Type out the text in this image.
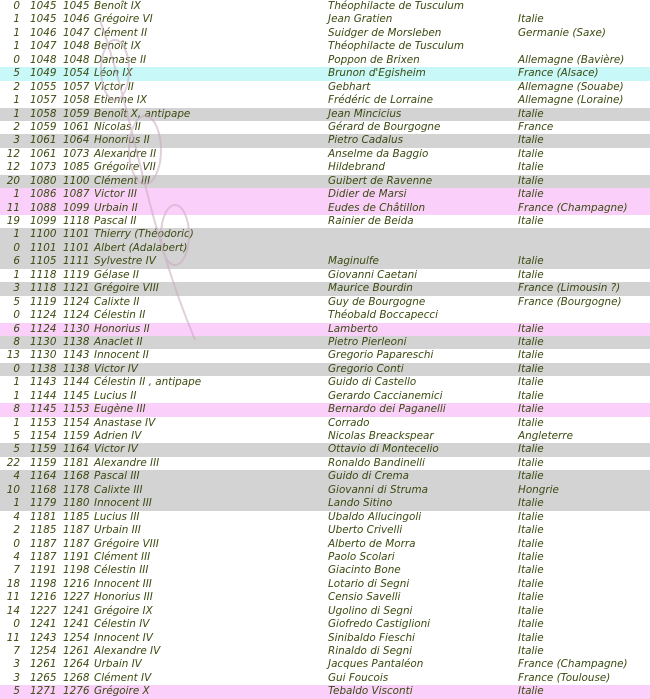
0 1045 1045 Benoît IX	Théophilacte de Tusculum
1 1045 1046 Grégoire VI	Jean Gratien	Italie
1 1046 1047 Clément II	Suidger de Morsleben	Germanie (Saxe)
1 1047 1048 Benoît IX	Théophilacte de Tusculum
0 1048 1048 Damase II	Poppon de Brixen	Allemagne (Bavière)
5 1049 1054 Léon IX	Brunon d'Egisheim	France (Alsace)
2 1055 1057 Victor II	Gebhart	Allemagne (Souabe)
1 1057 1058 Etienne IX	Frédéric de Lorraine	Allemagne (Loraine)
1 1058 1059 Benoît X, antipape	Jean Mincicius	Italie
2 1059 1061 Nicolas II	Gérard de Bourgogne	France
3 1061 1064 Honorius II	Pietro Cadalus	Italie
12 1061 1073 Alexandre II	Anselme da Baggio	Italie
12 1073 1085 Grégoire VII	Hildebrand	Italie
20 1080 1100 Clément III	Guibert de Ravenne	Italie
1 1086 1087 Victor III	Didier de Marsi	Italie
11 1088 1099 Urbain II	Eudes de Châtillon	France (Champagne)
19 1099 1118 Pascal II	Rainier de Beida	Italie
1 1100 1101 Thierry (Théodoric)
0 1101 1101 Albert (Adalabert)
6 1105 1111 Sylvestre IV	Maginulfe	Italie
1 1118 1119 Gélase II	Giovanni Caetani	Italie
3 1118 1121 Grégoire VIII	Maurice Bourdin	France (Limousin ?)
5 1119 1124 Calixte II	Guy de Bourgogne	France (Bourgogne)
0 1124 1124 Célestin II	Théobald Boccapecci
6 1124 1130 Honorius II	Lamberto	Italie
8 1130 1138 Anaclet II	Pietro Pierleoni	Italie
13 1130 1143 Innocent II	Gregorio Papareschi	Italie
0 1138 1138 Victor IV	Gregorio Conti	Italie
1 1143 1144 Célestin II , antipape	Guido di Castello	Italie
1 1144 1145 Lucius II	Gerardo Caccianemici	Italie
8 1145 1153 Eugène III	Bernardo dei Paganelli	Italie
1 1153 1154 Anastase IV	Corrado	Italie
5 1154 1159 Adrien IV	Nicolas Breackspear	Angleterre
5 1159 1164 Victor IV	Ottavio di Montecelio	Italie
22 1159 1181 Alexandre III	Ronaldo Bandinelli	Italie
4 1164 1168 Pascal III	Guido di Crema	Italie
10 1168 1178 Calixte III	Giovanni di Struma	Hongrie
1 1179 1180 Innocent III	Lando Sitino	Italie
4 1181 1185 Lucius III	Ubaldo Allucingoli	Italie
2 1185 1187 Urbain III	Uberto Crivelli	Italie
0 1187 1187 Grégoire VIII	Alberto de Morra	Italie
4 1187 1191 Clément III	Paolo Scolari	Italie
7 1191 1198 Célestin III	Giacinto Bone	Italie
18 1198 1216 Innocent III	Lotario di Segni	Italie
11 1216 1227 Honorius III	Censio Savelli	Italie
14 1227 1241 Grégoire IX	Ugolino di Segni	Italie
0 1241 1241 Célestin IV	Giofredo Castiglioni	Italie
11 1243 1254 Innocent IV	Sinibaldo Fieschi	Italie
7 1254 1261 Alexandre IV	Rinaldo di Segni	Italie
3 1261 1264 Urbain IV	Jacques Pantaléon	France (Champagne)
3 1265 1268 Clément IV	Gui Foucois	France (Toulouse)
5 1271 1276 Grégoire X	Tebaldo Visconti	Italie
